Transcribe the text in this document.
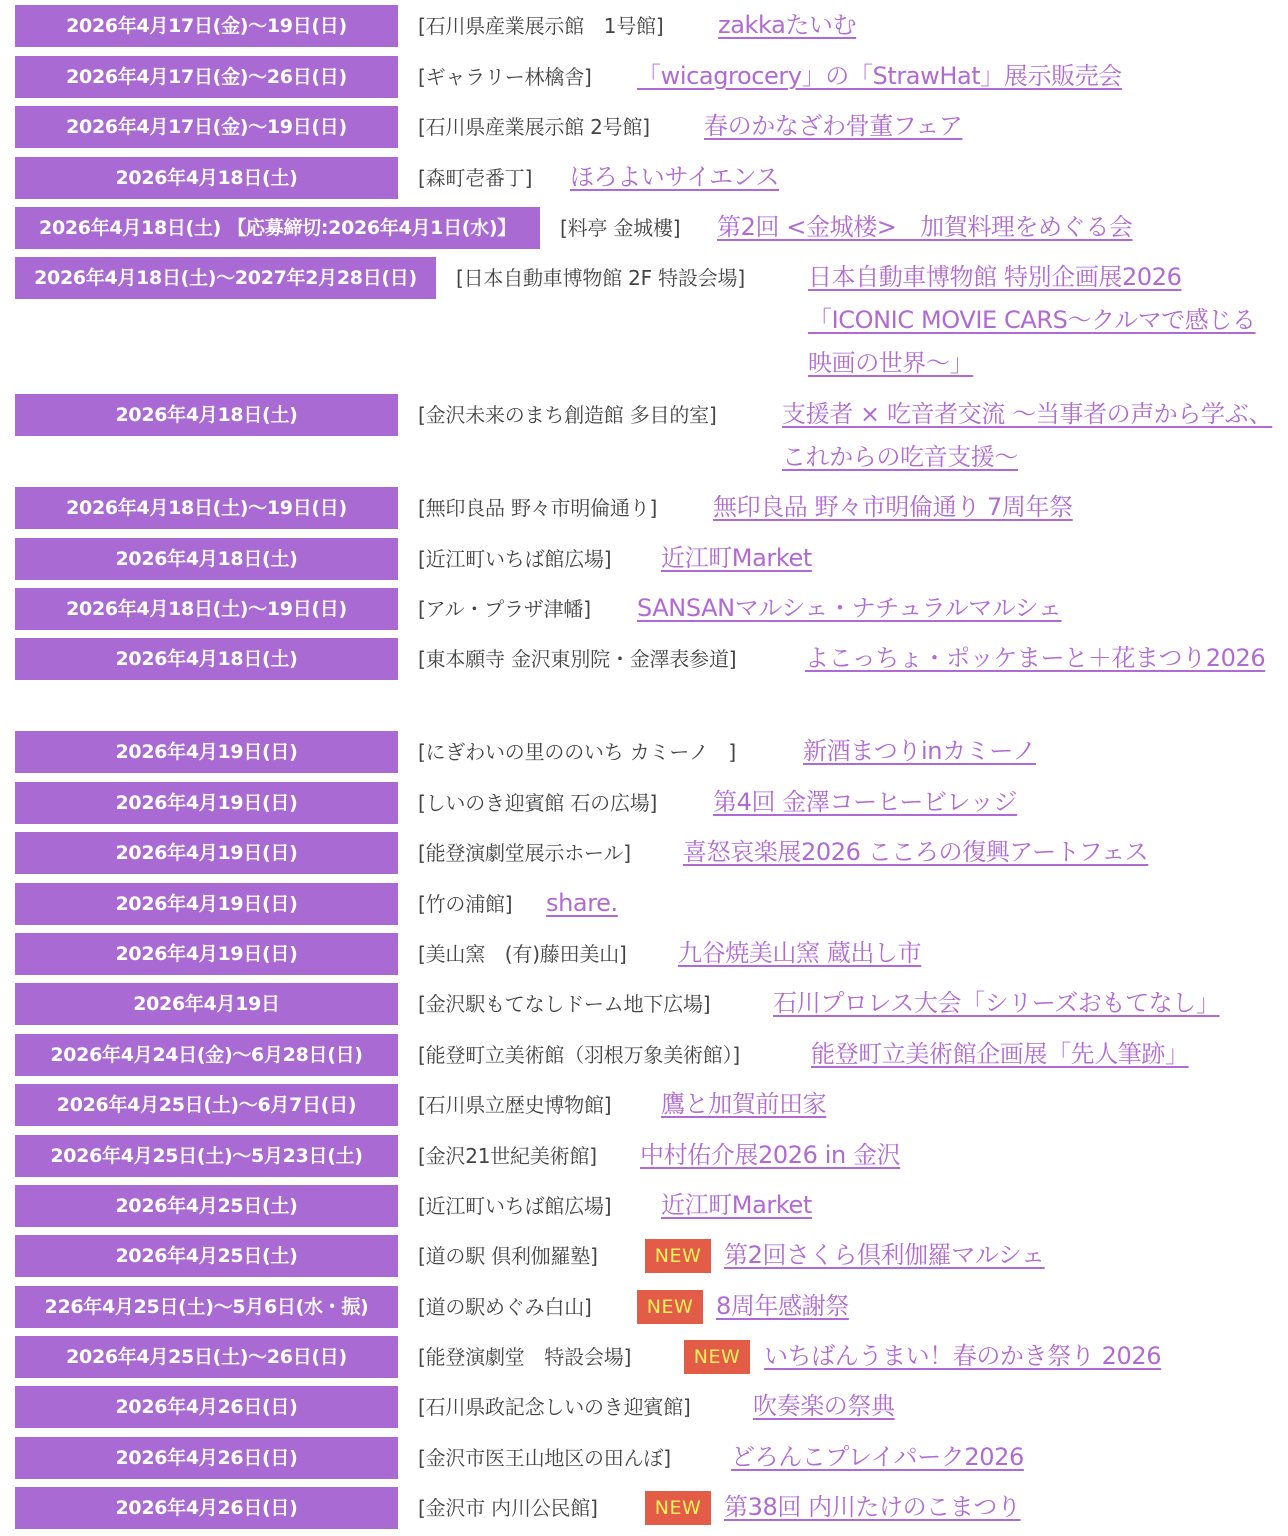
2026年4月17日(金)〜19日(日)	[石川県産業展示館　1号館] zakkaたいむ
2026年4月17日(金)〜26日(日)	[ギャラリー林檎舎] 「wicagrocery」の「StrawHat」展示販売会
2026年4月17日(金)〜19日(日)	[石川県産業展示館 2号館] 春のかなざわ骨董フェア
2026年4月18日(土)	[森町壱番丁] ほろよいサイエンス
2026年4月18日(土) 【応募締切:2026年4月1日(水)】	[料亭 金城樓] 第2回 <金城楼>　加賀料理をめぐる会
2026年4月18日(土)〜2027年2月28日(日)	[日本自動車博物館 2F 特設会場]	日本自動車博物館 特別企画展2026「ICONIC MOVIE CARS〜クルマで感じる映画の世界〜」
2026年4月18日(土)	[金沢未来のまち創造館 多目的室]	支援者 × 吃音者交流 〜当事者の声から学ぶ、これからの吃音支援〜
2026年4月18日(土)〜19日(日)	[無印良品 野々市明倫通り] 無印良品 野々市明倫通り 7周年祭
2026年4月18日(土)	[近江町いちば館広場] 近江町Market
2026年4月18日(土)〜19日(日)	[アル・プラザ津幡] SANSANマルシェ・ナチュラルマルシェ
2026年4月18日(土)	[東本願寺 金沢東別院・金澤表参道]	よこっちょ・ポッケまーと＋花まつり2026
2026年4月19日(日)	[にぎわいの里ののいち カミーノ　]	新酒まつりinカミーノ
2026年4月19日(日)	[しいのき迎賓館 石の広場] 第4回 金澤コーヒービレッジ
2026年4月19日(日)	[能登演劇堂展示ホール] 喜怒哀楽展2026 こころの復興アートフェス
2026年4月19日(日)	[竹の浦館] share.
2026年4月19日(日)	[美山窯　(有)藤田美山] 九谷焼美山窯 蔵出し市
2026年4月19日	[金沢駅もてなしドーム地下広場]	石川プロレス大会「シリーズおもてなし」
2026年4月24日(金)〜6月28日(日)	[能登町立美術館（羽根万象美術館）]	能登町立美術館企画展「先人筆跡」
2026年4月25日(土)〜6月7日(日)	[石川県立歴史博物館] 鷹と加賀前田家
2026年4月25日(土)〜5月23日(土)	[金沢21世紀美術館] 中村佑介展2026 in 金沢
2026年4月25日(土)	[近江町いちば館広場] 近江町Market
2026年4月25日(土)	[道の駅 倶利伽羅塾]	NEW 第2回さくら倶利伽羅マルシェ
226年4月25日(土)〜5月6日(水・振)	[道の駅めぐみ白山]	NEW 8周年感謝祭
2026年4月25日(土)〜26日(日)	[能登演劇堂　特設会場]	NEW いちばんうまい！春のかき祭り 2026
2026年4月26日(日)	[石川県政記念しいのき迎賓館]	吹奏楽の祭典
2026年4月26日(日)	[金沢市医王山地区の田んぼ]	どろんこプレイパーク2026
2026年4月26日(日)	[金沢市 内川公民館]	NEW 第38回 内川たけのこまつり
